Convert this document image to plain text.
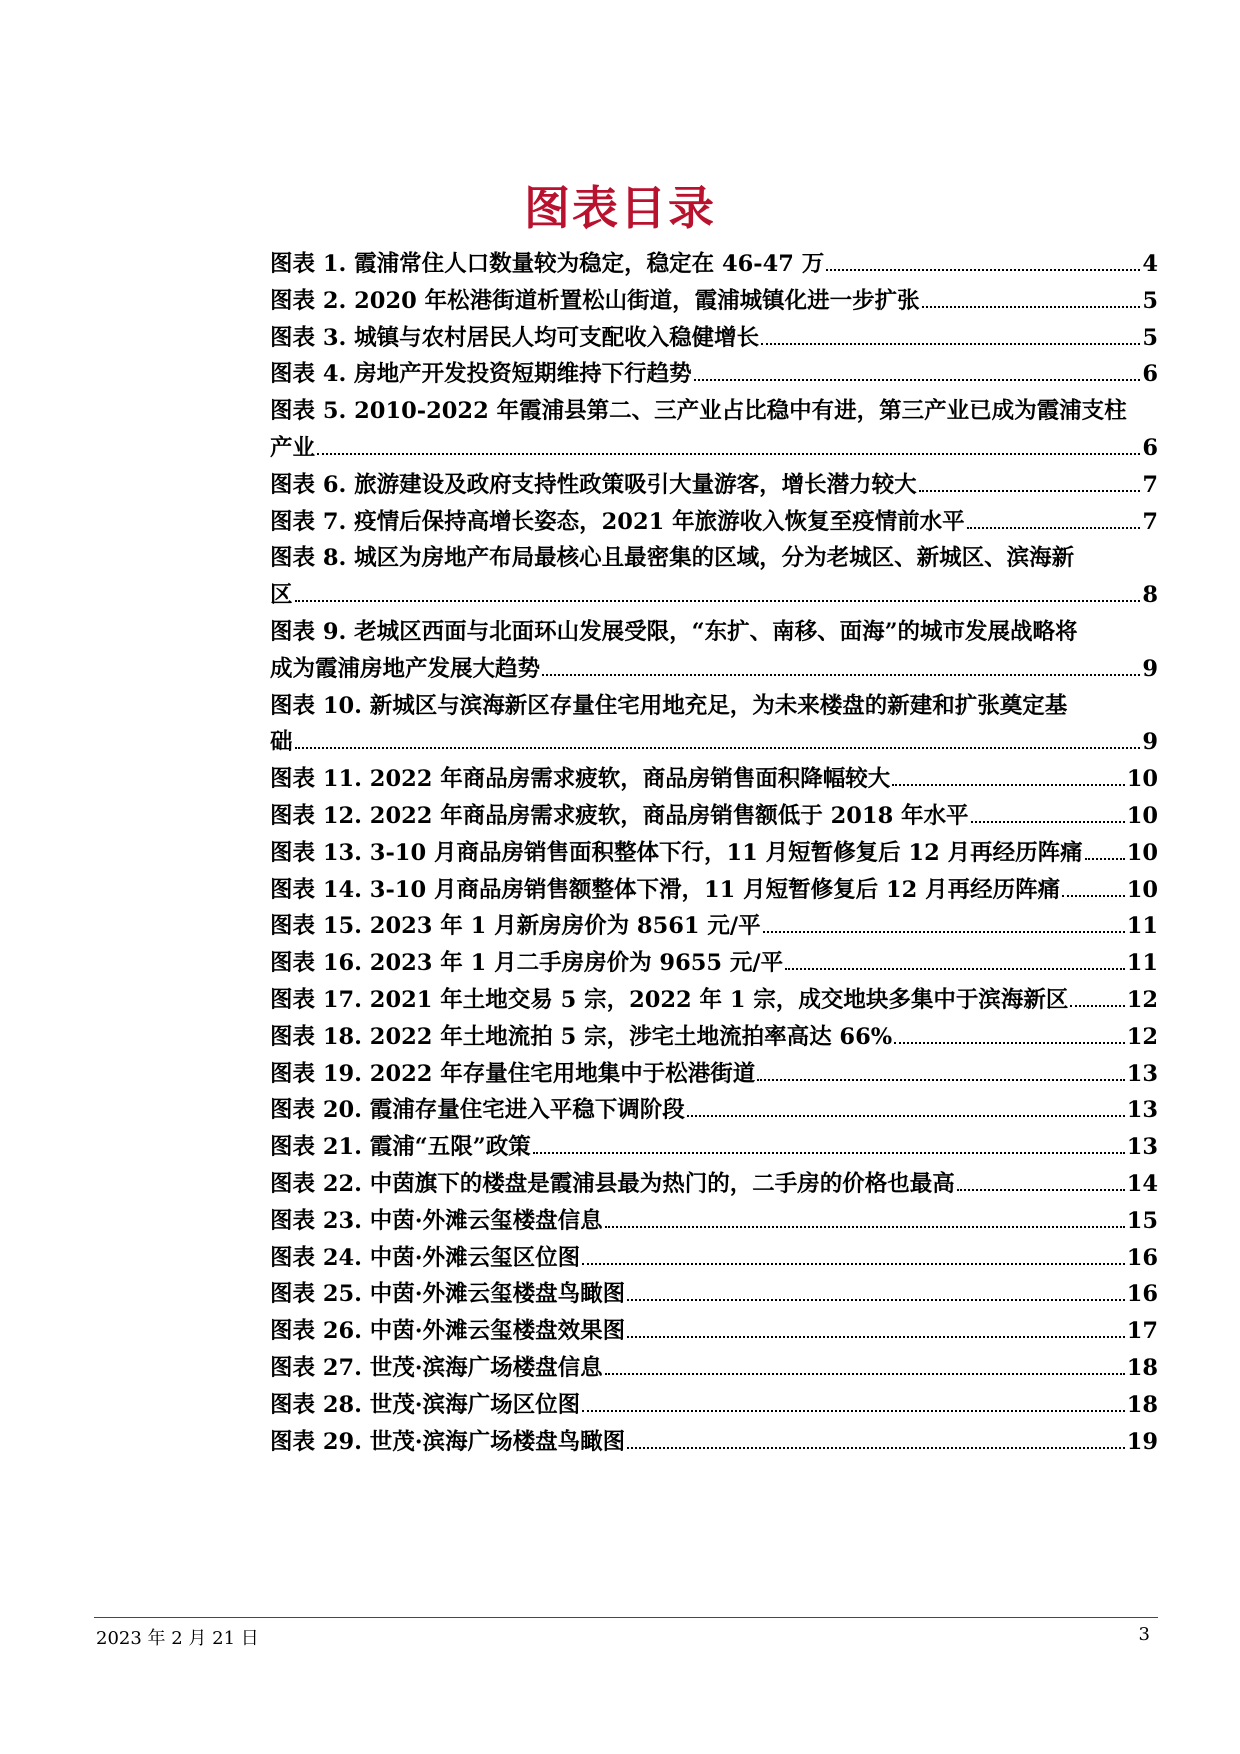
图表目录
图表 1. 霞浦常住人口数量较为稳定，稳定在 46-47 万	4
图表 2. 2020 年松港街道析置松山街道，霞浦城镇化进一步扩张	5
图表 3. 城镇与农村居民人均可支配收入稳健增长	5
图表 4. 房地产开发投资短期维持下行趋势	6
图表 5. 2010-2022 年霞浦县第二、三产业占比稳中有进，第三产业已成为霞浦支柱
产业	6
图表 6. 旅游建设及政府支持性政策吸引大量游客，增长潜力较大	7
图表 7. 疫情后保持高增长姿态，2021 年旅游收入恢复至疫情前水平	7
图表 8. 城区为房地产布局最核心且最密集的区域，分为老城区、新城区、滨海新
区	8
图表 9. 老城区西面与北面环山发展受限，“东扩、南移、面海”的城市发展战略将
成为霞浦房地产发展大趋势	9
图表 10. 新城区与滨海新区存量住宅用地充足，为未来楼盘的新建和扩张奠定基
础	9
图表 11. 2022 年商品房需求疲软，商品房销售面积降幅较大	10
图表 12. 2022 年商品房需求疲软，商品房销售额低于 2018 年水平	10
图表 13. 3-10 月商品房销售面积整体下行，11 月短暂修复后 12 月再经历阵痛 10
图表 14. 3-10 月商品房销售额整体下滑，11 月短暂修复后 12 月再经历阵痛	10
图表 15. 2023 年 1 月新房房价为 8561 元/平	11
图表 16. 2023 年 1 月二手房房价为 9655 元/平	11
图表 17. 2021 年土地交易 5 宗，2022 年 1 宗，成交地块多集中于滨海新区	12
图表 18. 2022 年土地流拍 5 宗，涉宅土地流拍率高达 66%	12
图表 19. 2022 年存量住宅用地集中于松港街道	13
图表 20. 霞浦存量住宅进入平稳下调阶段	13
图表 21. 霞浦“五限”政策	13
图表 22. 中茵旗下的楼盘是霞浦县最为热门的，二手房的价格也最高	14
图表 23. 中茵·外滩云玺楼盘信息	15
图表 24. 中茵·外滩云玺区位图	16
图表 25. 中茵·外滩云玺楼盘鸟瞰图	16
图表 26. 中茵·外滩云玺楼盘效果图	17
图表 27. 世茂·滨海广场楼盘信息	18
图表 28. 世茂·滨海广场区位图	18
图表 29. 世茂·滨海广场楼盘鸟瞰图	19
2023 年 2 月 21 日	3
